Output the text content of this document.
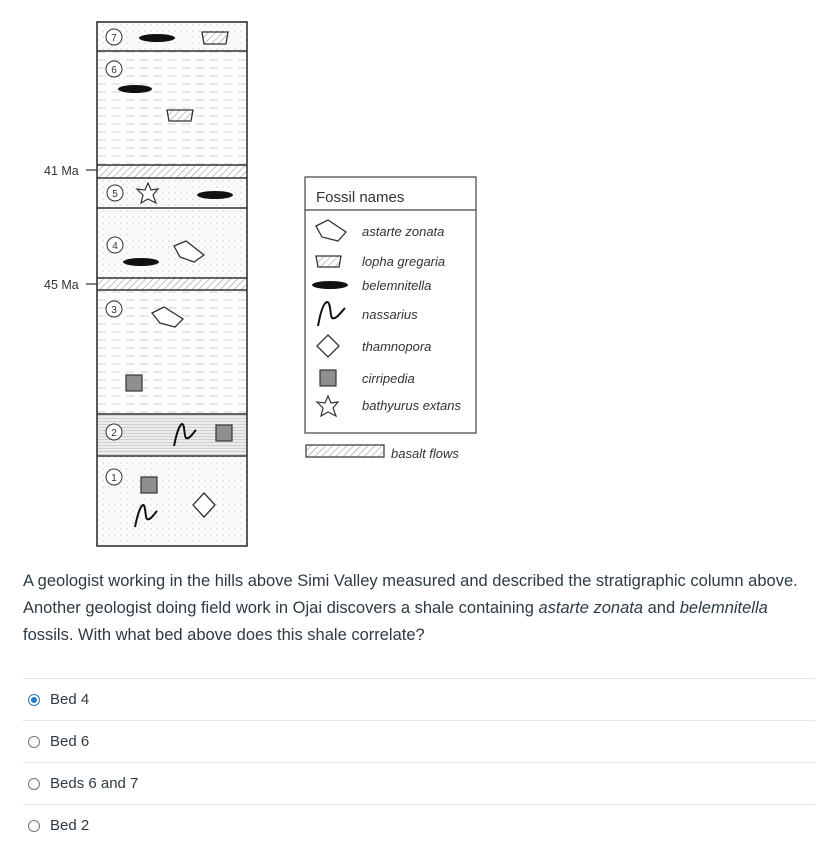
41 Ma
45 Ma
7
6
5
4
3
2
1
Fossil names
astarte zonata
lopha gregaria
belemnitella
nassarius
thamnopora
cirripedia
bathyurus extans
basalt flows

A geologist working in the hills above Simi Valley measured and described the stratigraphic column above. Another geologist doing field work in Ojai discovers a shale containing astarte zonata and belemnitella fossils. With what bed above does this shale correlate?

Bed 4
Bed 6
Beds 6 and 7
Bed 2
